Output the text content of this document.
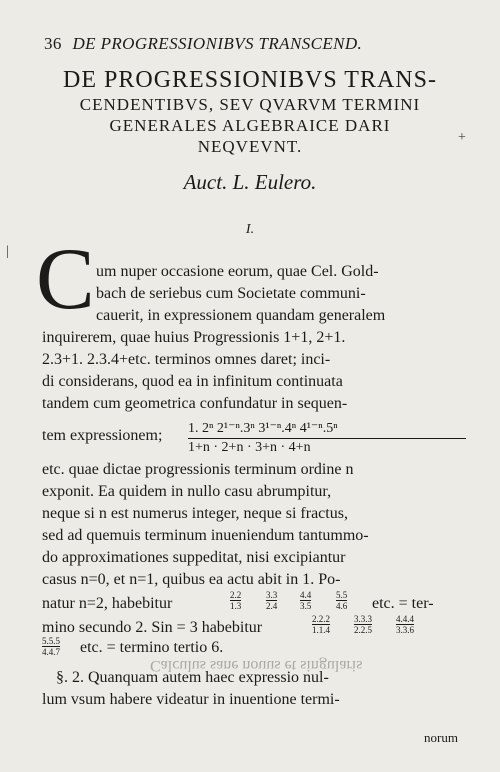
36 DE PROGRESSIONIBVS TRANSCEND.
DE PROGRESSIONIBVS TRANS-
CENDENTIBVS, SEV QVARVM TERMINI
GENERALES ALGEBRAICE DARI
NEQVEVNT.
Auct. L. Eulero.
I.
C um nuper occasione eorum, quae Cel. Gold-
bach de seriebus cum Societate communi-
cauerit, in expressionem quandam generalem
inquirerem, quae huius Progressionis 1+1, 2+1.
2.3+1. 2.3.4+etc. terminos omnes daret; inci-
di considerans, quod ea in infinitum continuata
tandem cum geometrica confundatur in sequen-
tem expressionem; 1. 2ⁿ 2¹⁻ⁿ.3ⁿ 3¹⁻ⁿ.4ⁿ 4¹⁻ⁿ.5ⁿ
1+n · 2+n · 3+n · 4+n
etc. quae dictae progressionis terminum ordine n
exponit. Ea quidem in nullo casu abrumpitur,
neque si n est numerus integer, neque si fractus,
sed ad quemuis terminum inueniendum tantummo-
do approximationes suppeditat, nisi excipiantur
casus n=0, et n=1, quibus ea actu abit in 1. Po-
natur n=2, habebitur	2.2
1.3
3.3
2.4
4.4
3.5
5.5
4.6 etc. = ter-
mino secundo 2. Sin = 3 habebitur	2.2.2
1.1.4
3.3.3
2.2.5
4.4.4
3.3.6
5.5.5
4.4.7 etc. = termino tertio 6.
Calculus sane nouus et singularis
§. 2. Quanquam autem haec expressio nul-
lum vsum habere videatur in inuentione termi-
norum
+
|
